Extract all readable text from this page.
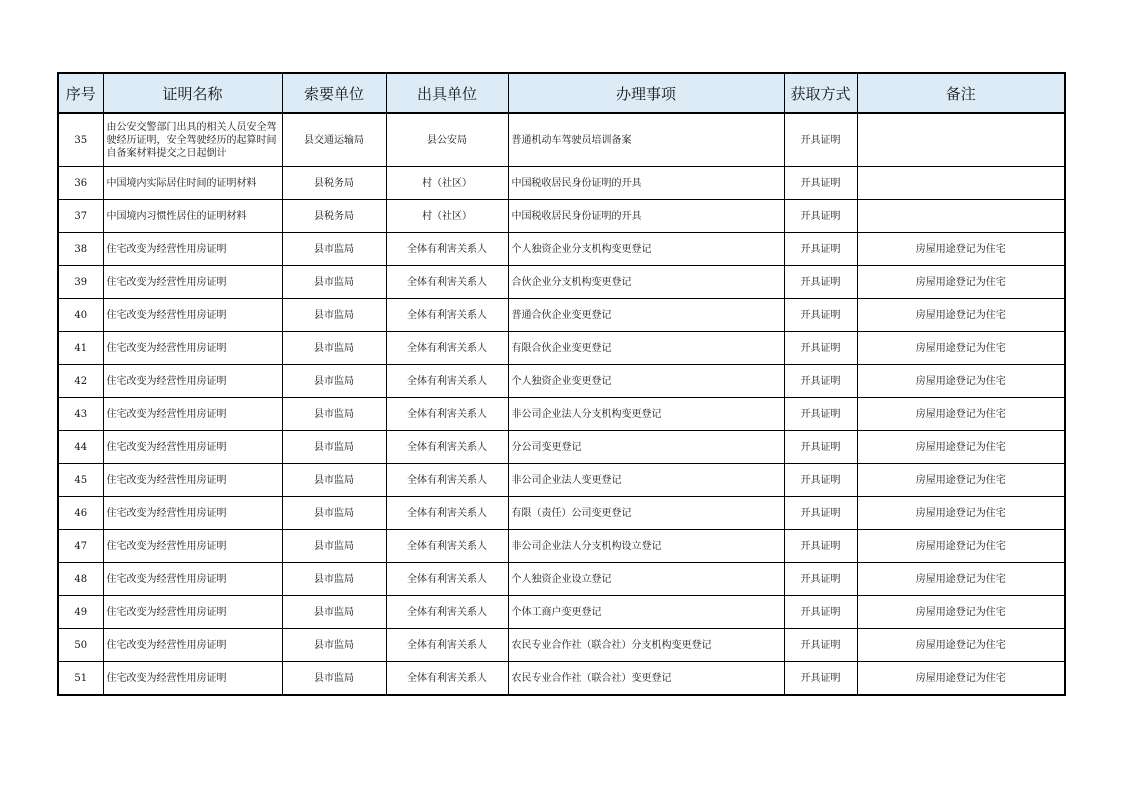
序号	证明名称	索要单位	出具单位	办理事项	获取方式	备注
35	由公安交警部门出具的相关人员安全驾驶经历证明，安全驾驶经历的起算时间自备案材料提交之日起倒计	县交通运输局	县公安局	普通机动车驾驶员培训备案	开具证明	
36	中国境内实际居住时间的证明材料	县税务局	村（社区）	中国税收居民身份证明的开具	开具证明	
37	中国境内习惯性居住的证明材料	县税务局	村（社区）	中国税收居民身份证明的开具	开具证明	
38	住宅改变为经营性用房证明	县市监局	全体有利害关系人	个人独资企业分支机构变更登记	开具证明	房屋用途登记为住宅
39	住宅改变为经营性用房证明	县市监局	全体有利害关系人	合伙企业分支机构变更登记	开具证明	房屋用途登记为住宅
40	住宅改变为经营性用房证明	县市监局	全体有利害关系人	普通合伙企业变更登记	开具证明	房屋用途登记为住宅
41	住宅改变为经营性用房证明	县市监局	全体有利害关系人	有限合伙企业变更登记	开具证明	房屋用途登记为住宅
42	住宅改变为经营性用房证明	县市监局	全体有利害关系人	个人独资企业变更登记	开具证明	房屋用途登记为住宅
43	住宅改变为经营性用房证明	县市监局	全体有利害关系人	非公司企业法人分支机构变更登记	开具证明	房屋用途登记为住宅
44	住宅改变为经营性用房证明	县市监局	全体有利害关系人	分公司变更登记	开具证明	房屋用途登记为住宅
45	住宅改变为经营性用房证明	县市监局	全体有利害关系人	非公司企业法人变更登记	开具证明	房屋用途登记为住宅
46	住宅改变为经营性用房证明	县市监局	全体有利害关系人	有限（责任）公司变更登记	开具证明	房屋用途登记为住宅
47	住宅改变为经营性用房证明	县市监局	全体有利害关系人	非公司企业法人分支机构设立登记	开具证明	房屋用途登记为住宅
48	住宅改变为经营性用房证明	县市监局	全体有利害关系人	个人独资企业设立登记	开具证明	房屋用途登记为住宅
49	住宅改变为经营性用房证明	县市监局	全体有利害关系人	个体工商户变更登记	开具证明	房屋用途登记为住宅
50	住宅改变为经营性用房证明	县市监局	全体有利害关系人	农民专业合作社（联合社）分支机构变更登记	开具证明	房屋用途登记为住宅
51	住宅改变为经营性用房证明	县市监局	全体有利害关系人	农民专业合作社（联合社）变更登记	开具证明	房屋用途登记为住宅
